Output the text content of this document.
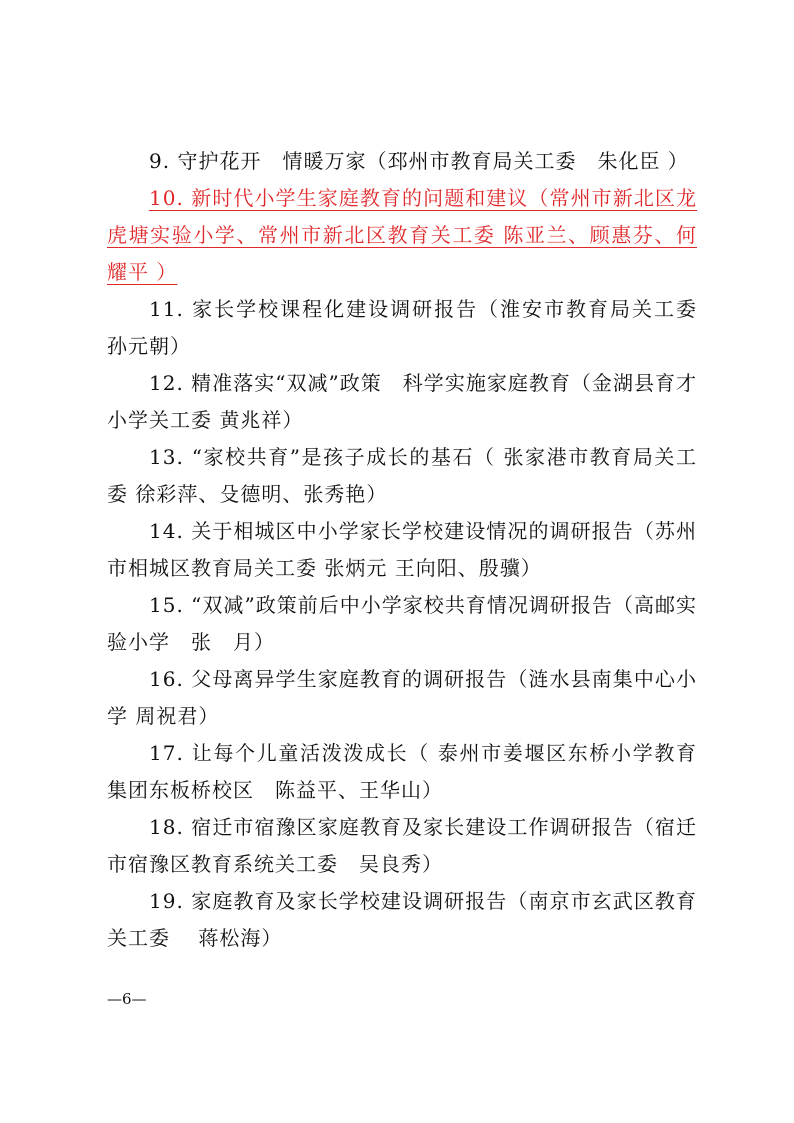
9. 守护花开　情暖万家（邳州市教育局关工委　朱化臣 ）

10. 新时代小学生家庭教育的问题和建议（常州市新北区龙虎塘实验小学、常州市新北区教育关工委 陈亚兰、顾惠芬、何耀平 ）

11. 家长学校课程化建设调研报告（淮安市教育局关工委 孙元朝）

12. 精准落实“双减”政策　科学实施家庭教育（金湖县育才小学关工委 黄兆祥）

13. “家校共育”是孩子成长的基石（ 张家港市教育局关工委 徐彩萍、殳德明、张秀艳）

14. 关于相城区中小学家长学校建设情况的调研报告（苏州市相城区教育局关工委 张炳元 王向阳、殷骥）

15. “双减”政策前后中小学家校共育情况调研报告（高邮实验小学　张　月）

16. 父母离异学生家庭教育的调研报告（涟水县南集中心小学 周祝君）

17. 让每个儿童活泼泼成长（ 泰州市姜堰区东桥小学教育集团东板桥校区　陈益平、王华山）

18. 宿迁市宿豫区家庭教育及家长建设工作调研报告（宿迁市宿豫区教育系统关工委　吴良秀）

19. 家庭教育及家长学校建设调研报告（南京市玄武区教育关工委　 蒋松海）

—6—
